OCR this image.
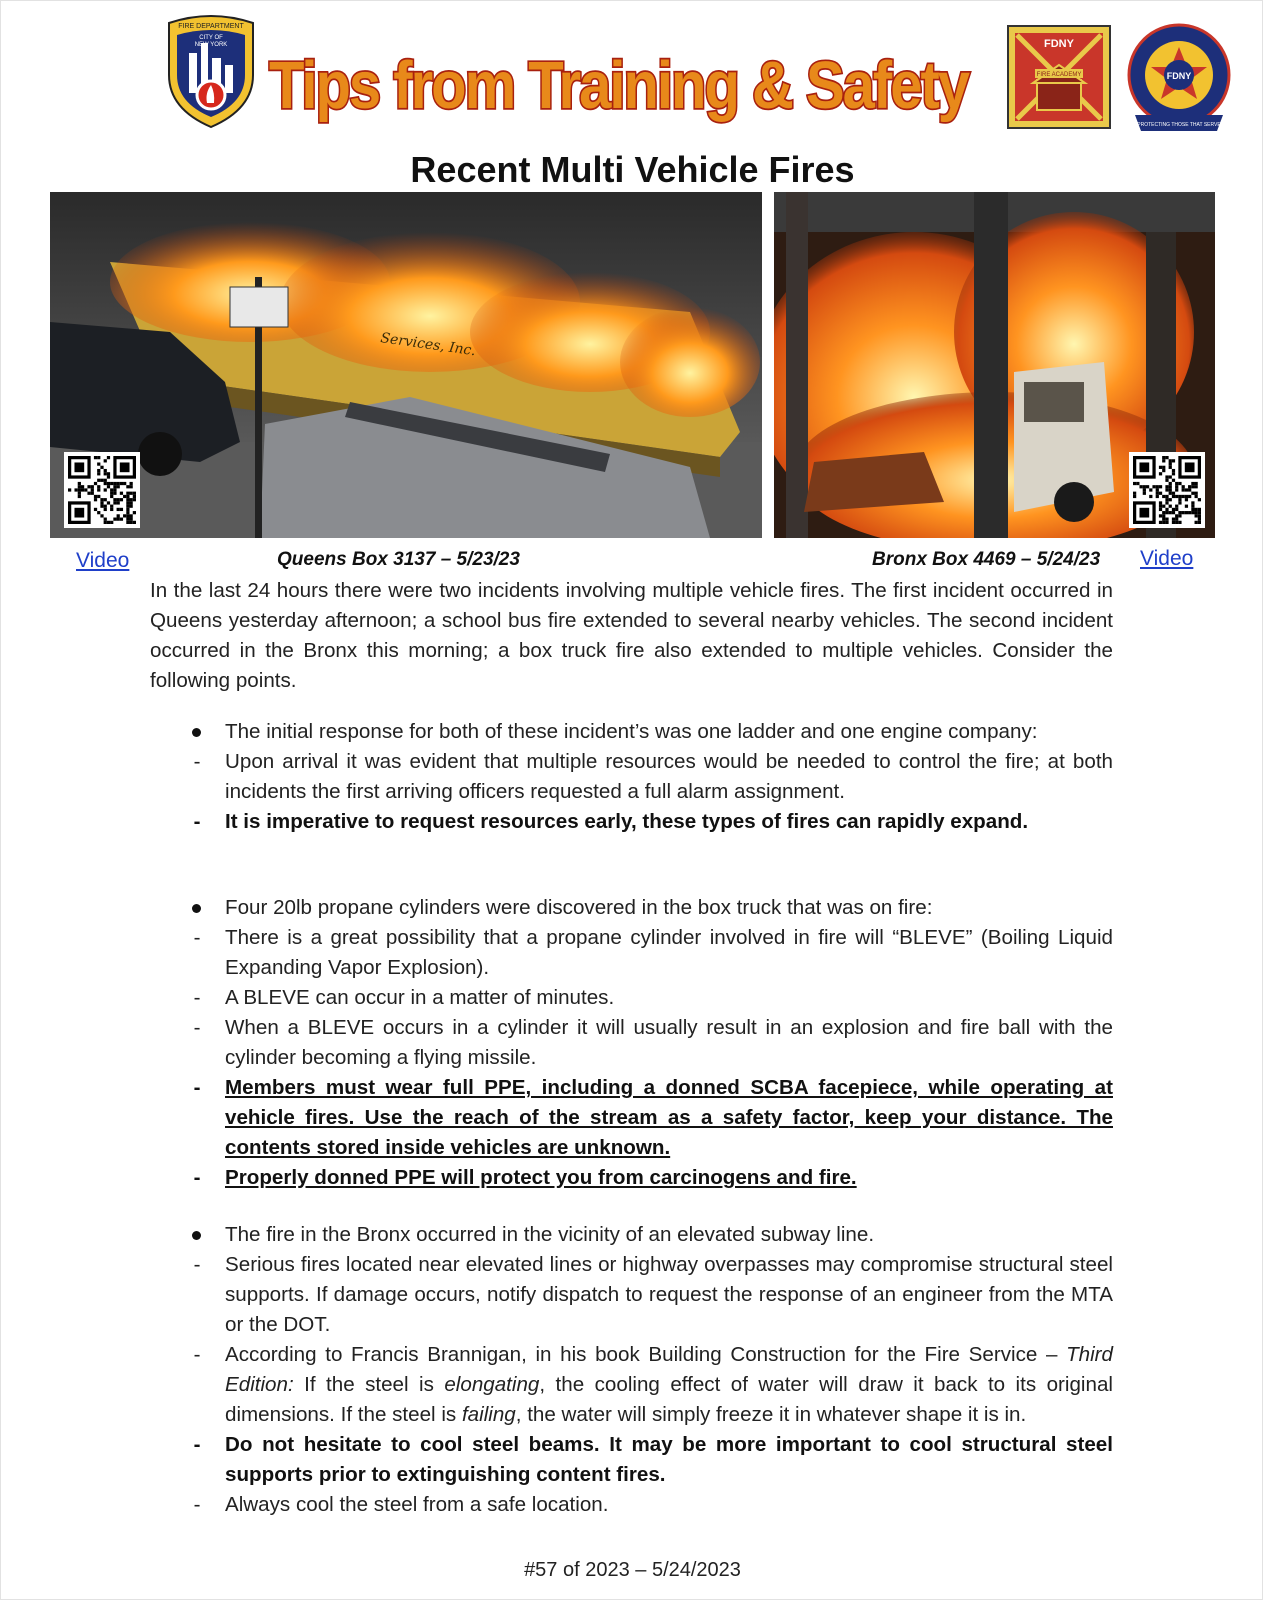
FIRE DEPARTMENT
CITY OF
NEW YORK
Tips from Training & Safety
FDNY
FIRE ACADEMY	FDNY
PROTECTING THOSE THAT SERVE
Recent Multi Vehicle Fires
Services, Inc.
Video	Queens Box 3137 – 5/23/23	Bronx Box 4469 – 5/24/23 Video

In the last 24 hours there were two incidents involving multiple vehicle fires. The first incident occurred in Queens yesterday afternoon; a school bus fire extended to several nearby vehicles. The second incident occurred in the Bronx this morning; a box truck fire also extended to multiple vehicles. Consider the following points.

The initial response for both of these incident’s was one ladder and one engine company:
-	Upon arrival it was evident that multiple resources would be needed to control the fire; at both incidents the first arriving officers requested a full alarm assignment.
-	It is imperative to request resources early, these types of fires can rapidly expand.
Four 20lb propane cylinders were discovered in the box truck that was on fire:
-	There is a great possibility that a propane cylinder involved in fire will “BLEVE” (Boiling Liquid Expanding Vapor Explosion).
-	A BLEVE can occur in a matter of minutes.
-	When a BLEVE occurs in a cylinder it will usually result in an explosion and fire ball with the cylinder becoming a flying missile.
-	Members must wear full PPE, including a donned SCBA facepiece, while operating at vehicle fires. Use the reach of the stream as a safety factor, keep your distance. The contents stored inside vehicles are unknown.
-	Properly donned PPE will protect you from carcinogens and fire.
The fire in the Bronx occurred in the vicinity of an elevated subway line.
-	Serious fires located near elevated lines or highway overpasses may compromise structural steel supports. If damage occurs, notify dispatch to request the response of an engineer from the MTA or the DOT.
-	According to Francis Brannigan, in his book Building Construction for the Fire Service – Third Edition: If the steel is elongating, the cooling effect of water will draw it back to its original dimensions. If the steel is failing, the water will simply freeze it in whatever shape it is in.
-	Do not hesitate to cool steel beams. It may be more important to cool structural steel supports prior to extinguishing content fires.
-	Always cool the steel from a safe location.
#57 of 2023 – 5/24/2023
